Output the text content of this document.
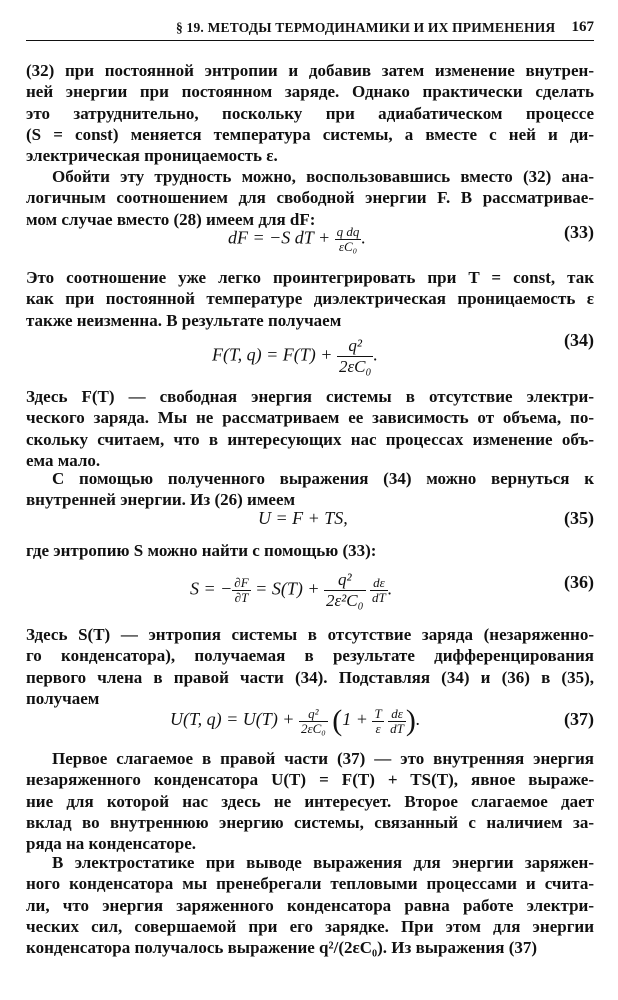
§ 19. МЕТОДЫ ТЕРМОДИНАМИКИ И ИХ ПРИМЕНЕНИЯ 167
(32) при постоянной энтропии и добавив затем изменение внутрен-
ней энергии при постоянном заряде. Однако практически сделать
это затруднительно, поскольку при адиабатическом процессе
(S = const) меняется температура системы, а вместе с ней и ди-
электрическая проницаемость ε.
Обойти эту трудность можно, воспользовавшись вместо (32) ана-
логичным соотношением для свободной энергии F. В рассматривае-
мом случае вместо (28) имеем для dF:
dF = −S dT + $\frac{\text{q dq}}{\text{εC₀}}$ .	(33)
Это соотношение уже легко проинтегрировать при T = const, так
как при постоянной температуре диэлектрическая проницаемость ε
также неизменна. В результате получаем
F(T, $q) = F(T) + \frac{\text{q²}}{\text{2εC₀}}$ .
(34)
Здесь F(T) — свободная энергия системы в отсутствие электри-
ческого заряда. Мы не рассматриваем ее зависимость от объема, по-
скольку считаем, что в интересующих нас процессах изменение объ-
ема мало.
С помощью полученного выражения (34) можно вернуться к
внутренней энергии. Из (26) имеем
U = F + TS,	(35)
где энтропию S можно найти с помощью (33):
S = − $\frac{\partial F}{\partial T} = S(T) + \frac{\text{q²}}{\text{2ε²C₀}}$
$\frac{d\varepsilon}{dT}$ .	(36)
Здесь S(T) — энтропия системы в отсутствие заряда (незаряженно-
го конденсатора), получаемая в результате дифференцирования
первого члена в правой части (34). Подставляя (34) и (36) в (35),
получаем
U(T, $q) = U(T) + \frac{\text{q²}}{\text{2εC₀}} (1 + \frac{T}{\varepsilon}$
$\frac{d\varepsilon}{dT}$ ).	(37)
Первое слагаемое в правой части (37) — это внутренняя энергия
незаряженного конденсатора U(T) = F(T) + TS(T), явное выраже-
ние для которой нас здесь не интересует. Второе слагаемое дает
вклад во внутреннюю энергию системы, связанный с наличием за-
ряда на конденсаторе.
В электростатике при выводе выражения для энергии заряжен-
ного конденсатора мы пренебрегали тепловыми процессами и счита-
ли, что энергия заряженного конденсатора равна работе электри-
ческих сил, совершаемой при его зарядке. При этом для энергии
конденсатора получалось выражение q²/(2εC₀). Из выражения (37)
